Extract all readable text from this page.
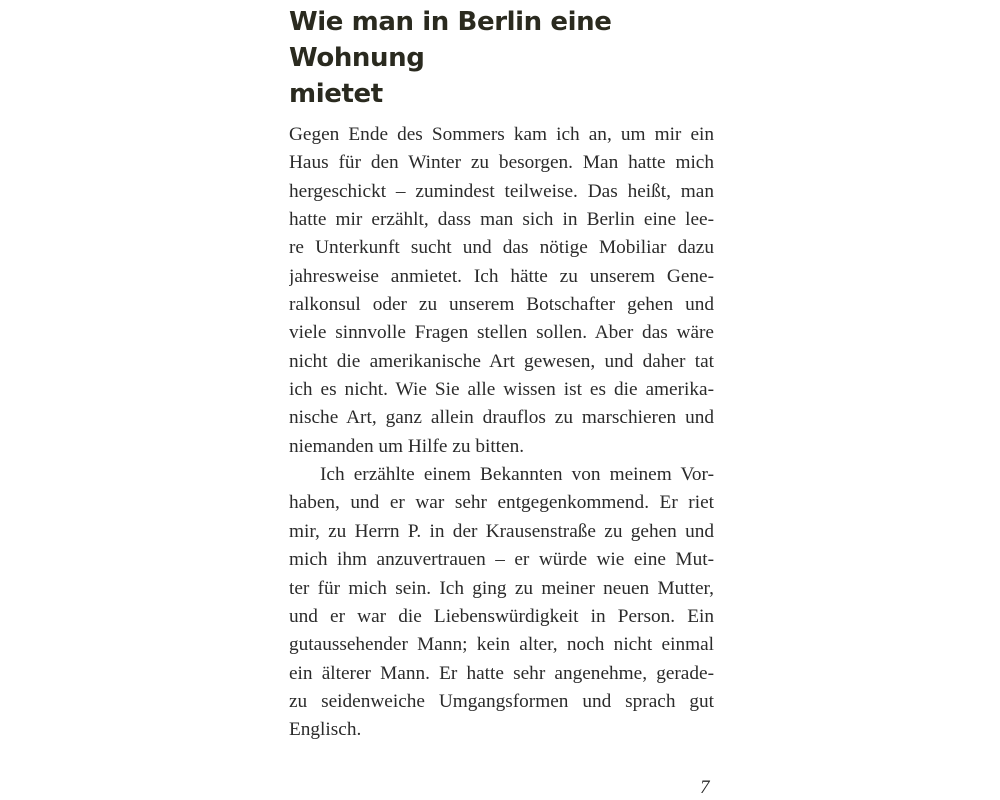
Wie man in Berlin eine Wohnung
mietet
Gegen Ende des Sommers kam ich an, um mir ein
Haus für den Winter zu besorgen. Man hatte mich
hergeschickt – zumindest teilweise. Das heißt, man
hatte mir erzählt, dass man sich in Berlin eine lee-
re Unterkunft sucht und das nötige Mobiliar dazu
jahresweise anmietet. Ich hätte zu unserem Gene-
ralkonsul oder zu unserem Botschafter gehen und
viele sinnvolle Fragen stellen sollen. Aber das wäre
nicht die amerikanische Art gewesen, und daher tat
ich es nicht. Wie Sie alle wissen ist es die amerika-
nische Art, ganz allein drauflos zu marschieren und
niemanden um Hilfe zu bitten.
Ich erzählte einem Bekannten von meinem Vor-
haben, und er war sehr entgegenkommend. Er riet
mir, zu Herrn P. in der Krausenstraße zu gehen und
mich ihm anzuvertrauen – er würde wie eine Mut-
ter für mich sein. Ich ging zu meiner neuen Mutter,
und er war die Liebenswürdigkeit in Person. Ein
gutaussehender Mann; kein alter, noch nicht einmal
ein älterer Mann. Er hatte sehr angenehme, gerade-
zu seidenweiche Umgangsformen und sprach gut
Englisch.
7
